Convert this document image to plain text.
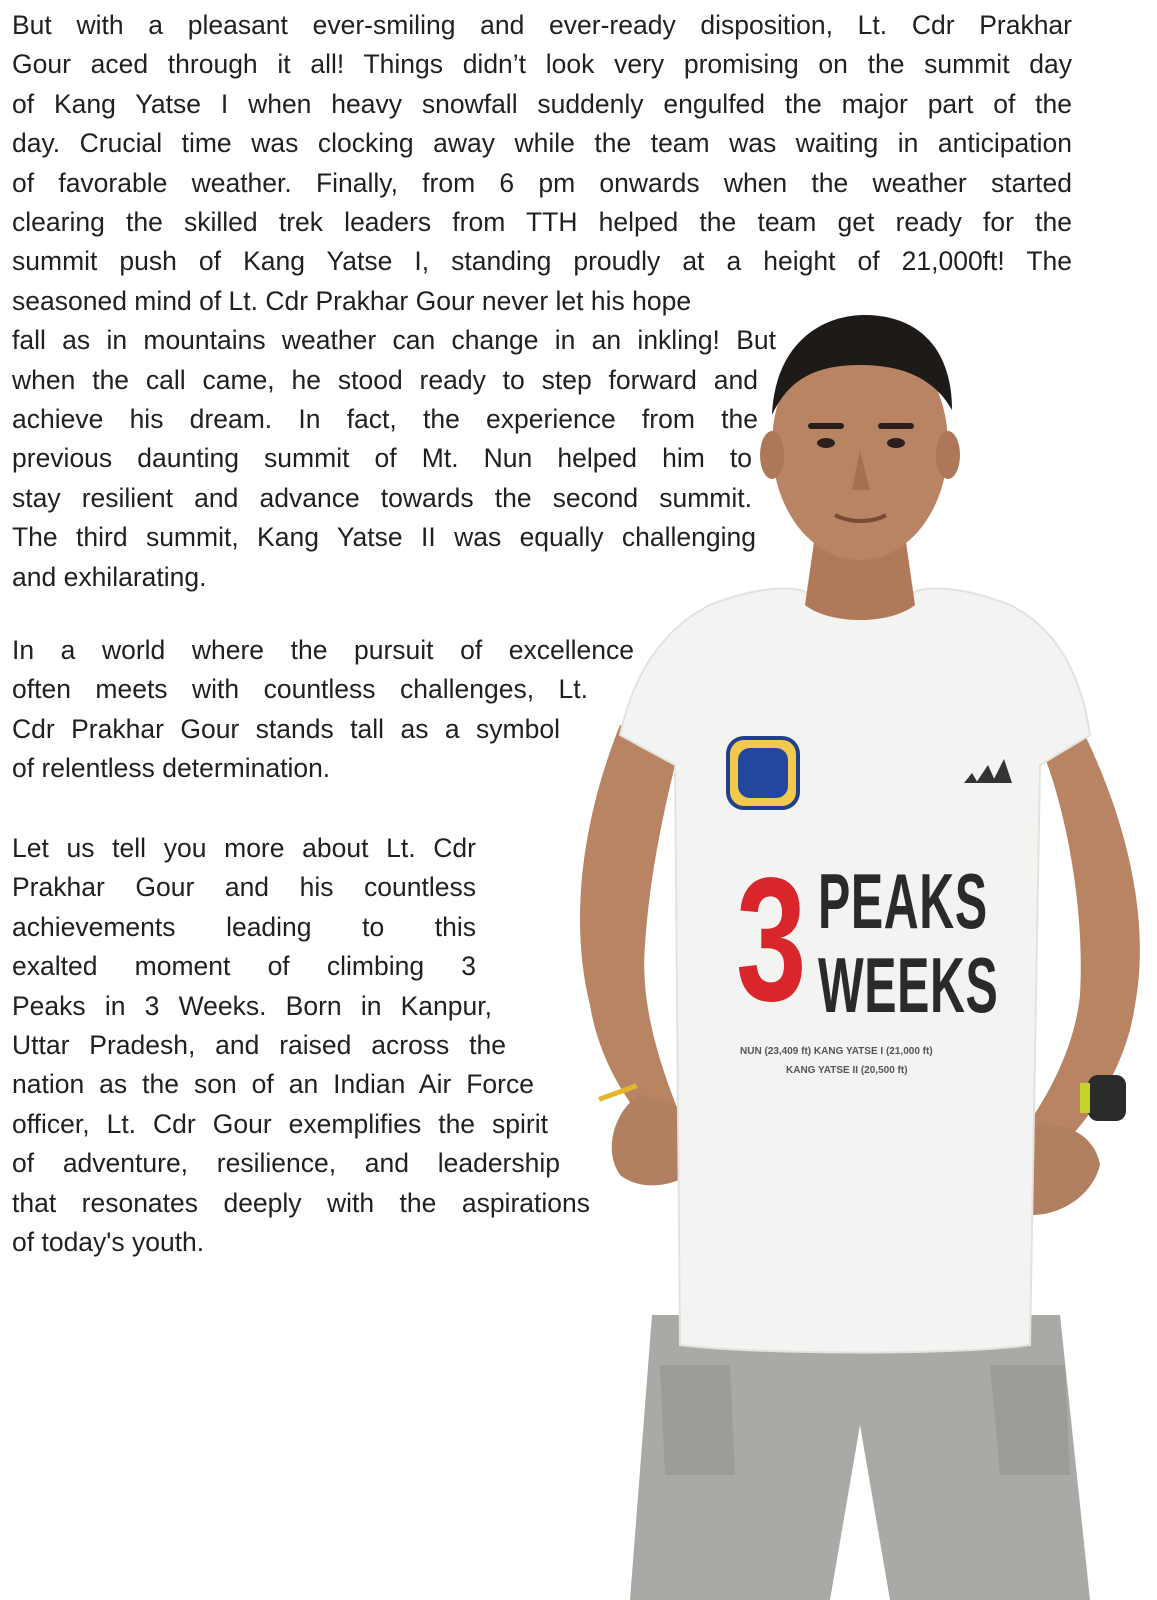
But with a pleasant ever-smiling and ever-ready disposition, Lt. Cdr Prakhar
Gour aced through it all! Things didn’t look very promising on the summit day
of Kang Yatse I when heavy snowfall suddenly engulfed the major part of the
day. Crucial time was clocking away while the team was waiting in anticipation
of favorable weather. Finally, from 6 pm onwards when the weather started
clearing the skilled trek leaders from TTH helped the team get ready for the
summit push of Kang Yatse I, standing proudly at a height of 21,000ft! The
seasoned mind of Lt. Cdr Prakhar Gour never let his hope
fall as in mountains weather can change in an inkling! But
when the call came, he stood ready to step forward and
achieve his dream. In fact, the experience from the
previous daunting summit of Mt. Nun helped him to
stay resilient and advance towards the second summit.
The third summit, Kang Yatse II was equally challenging
and exhilarating.
In a world where the pursuit of excellence
often meets with countless challenges, Lt.
Cdr Prakhar Gour stands tall as a symbol
of relentless determination.
Let us tell you more about Lt. Cdr
Prakhar Gour and his countless
achievements leading to this
exalted moment of climbing 3
Peaks in 3 Weeks. Born in Kanpur,
Uttar Pradesh, and raised across the
nation as the son of an Indian Air Force
officer, Lt. Cdr Gour exemplifies the spirit
of adventure, resilience, and leadership
that resonates deeply with the aspirations
of today's youth.
3 PEAKS
WEEKS
NUN (23,409 ft) KANG YATSE I (21,000 ft)
KANG YATSE II (20,500 ft)
